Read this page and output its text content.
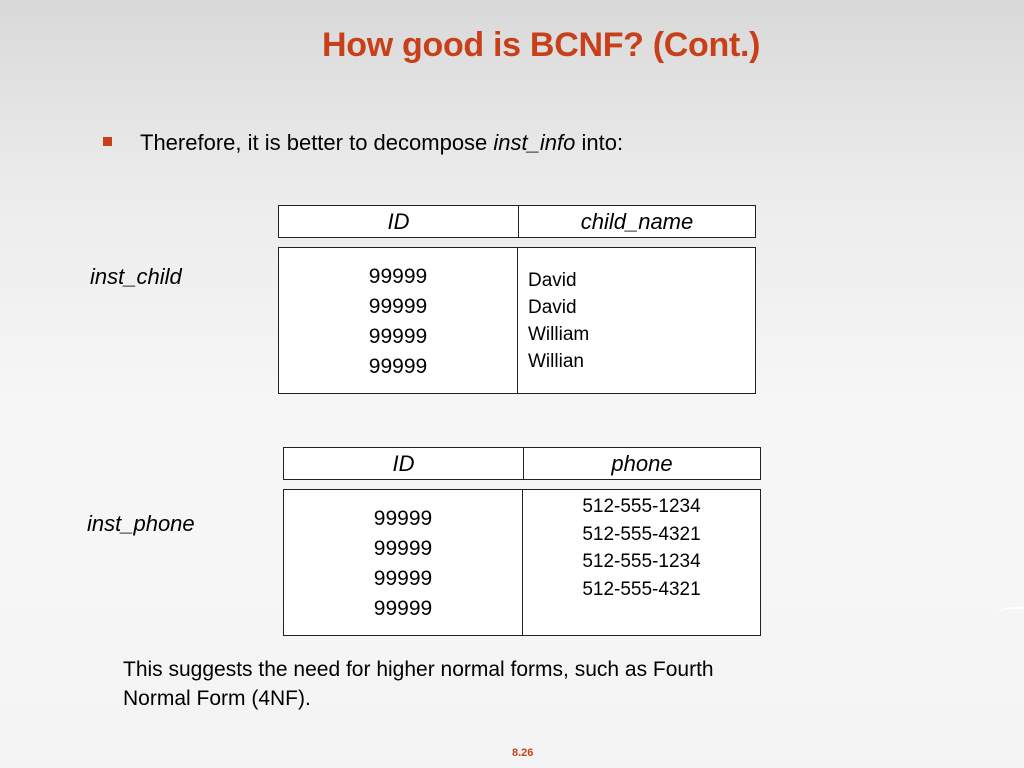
How good is BCNF? (Cont.)
Therefore, it is better to decompose inst_info into:
inst_child
ID	child_name
99999
99999
99999
99999
David
David
William
Willian
inst_phone
ID	phone
99999
99999
99999
99999
512-555-1234
512-555-4321
512-555-1234
512-555-4321
This suggests the need for higher normal forms, such as Fourth
Normal Form (4NF).
8.26
